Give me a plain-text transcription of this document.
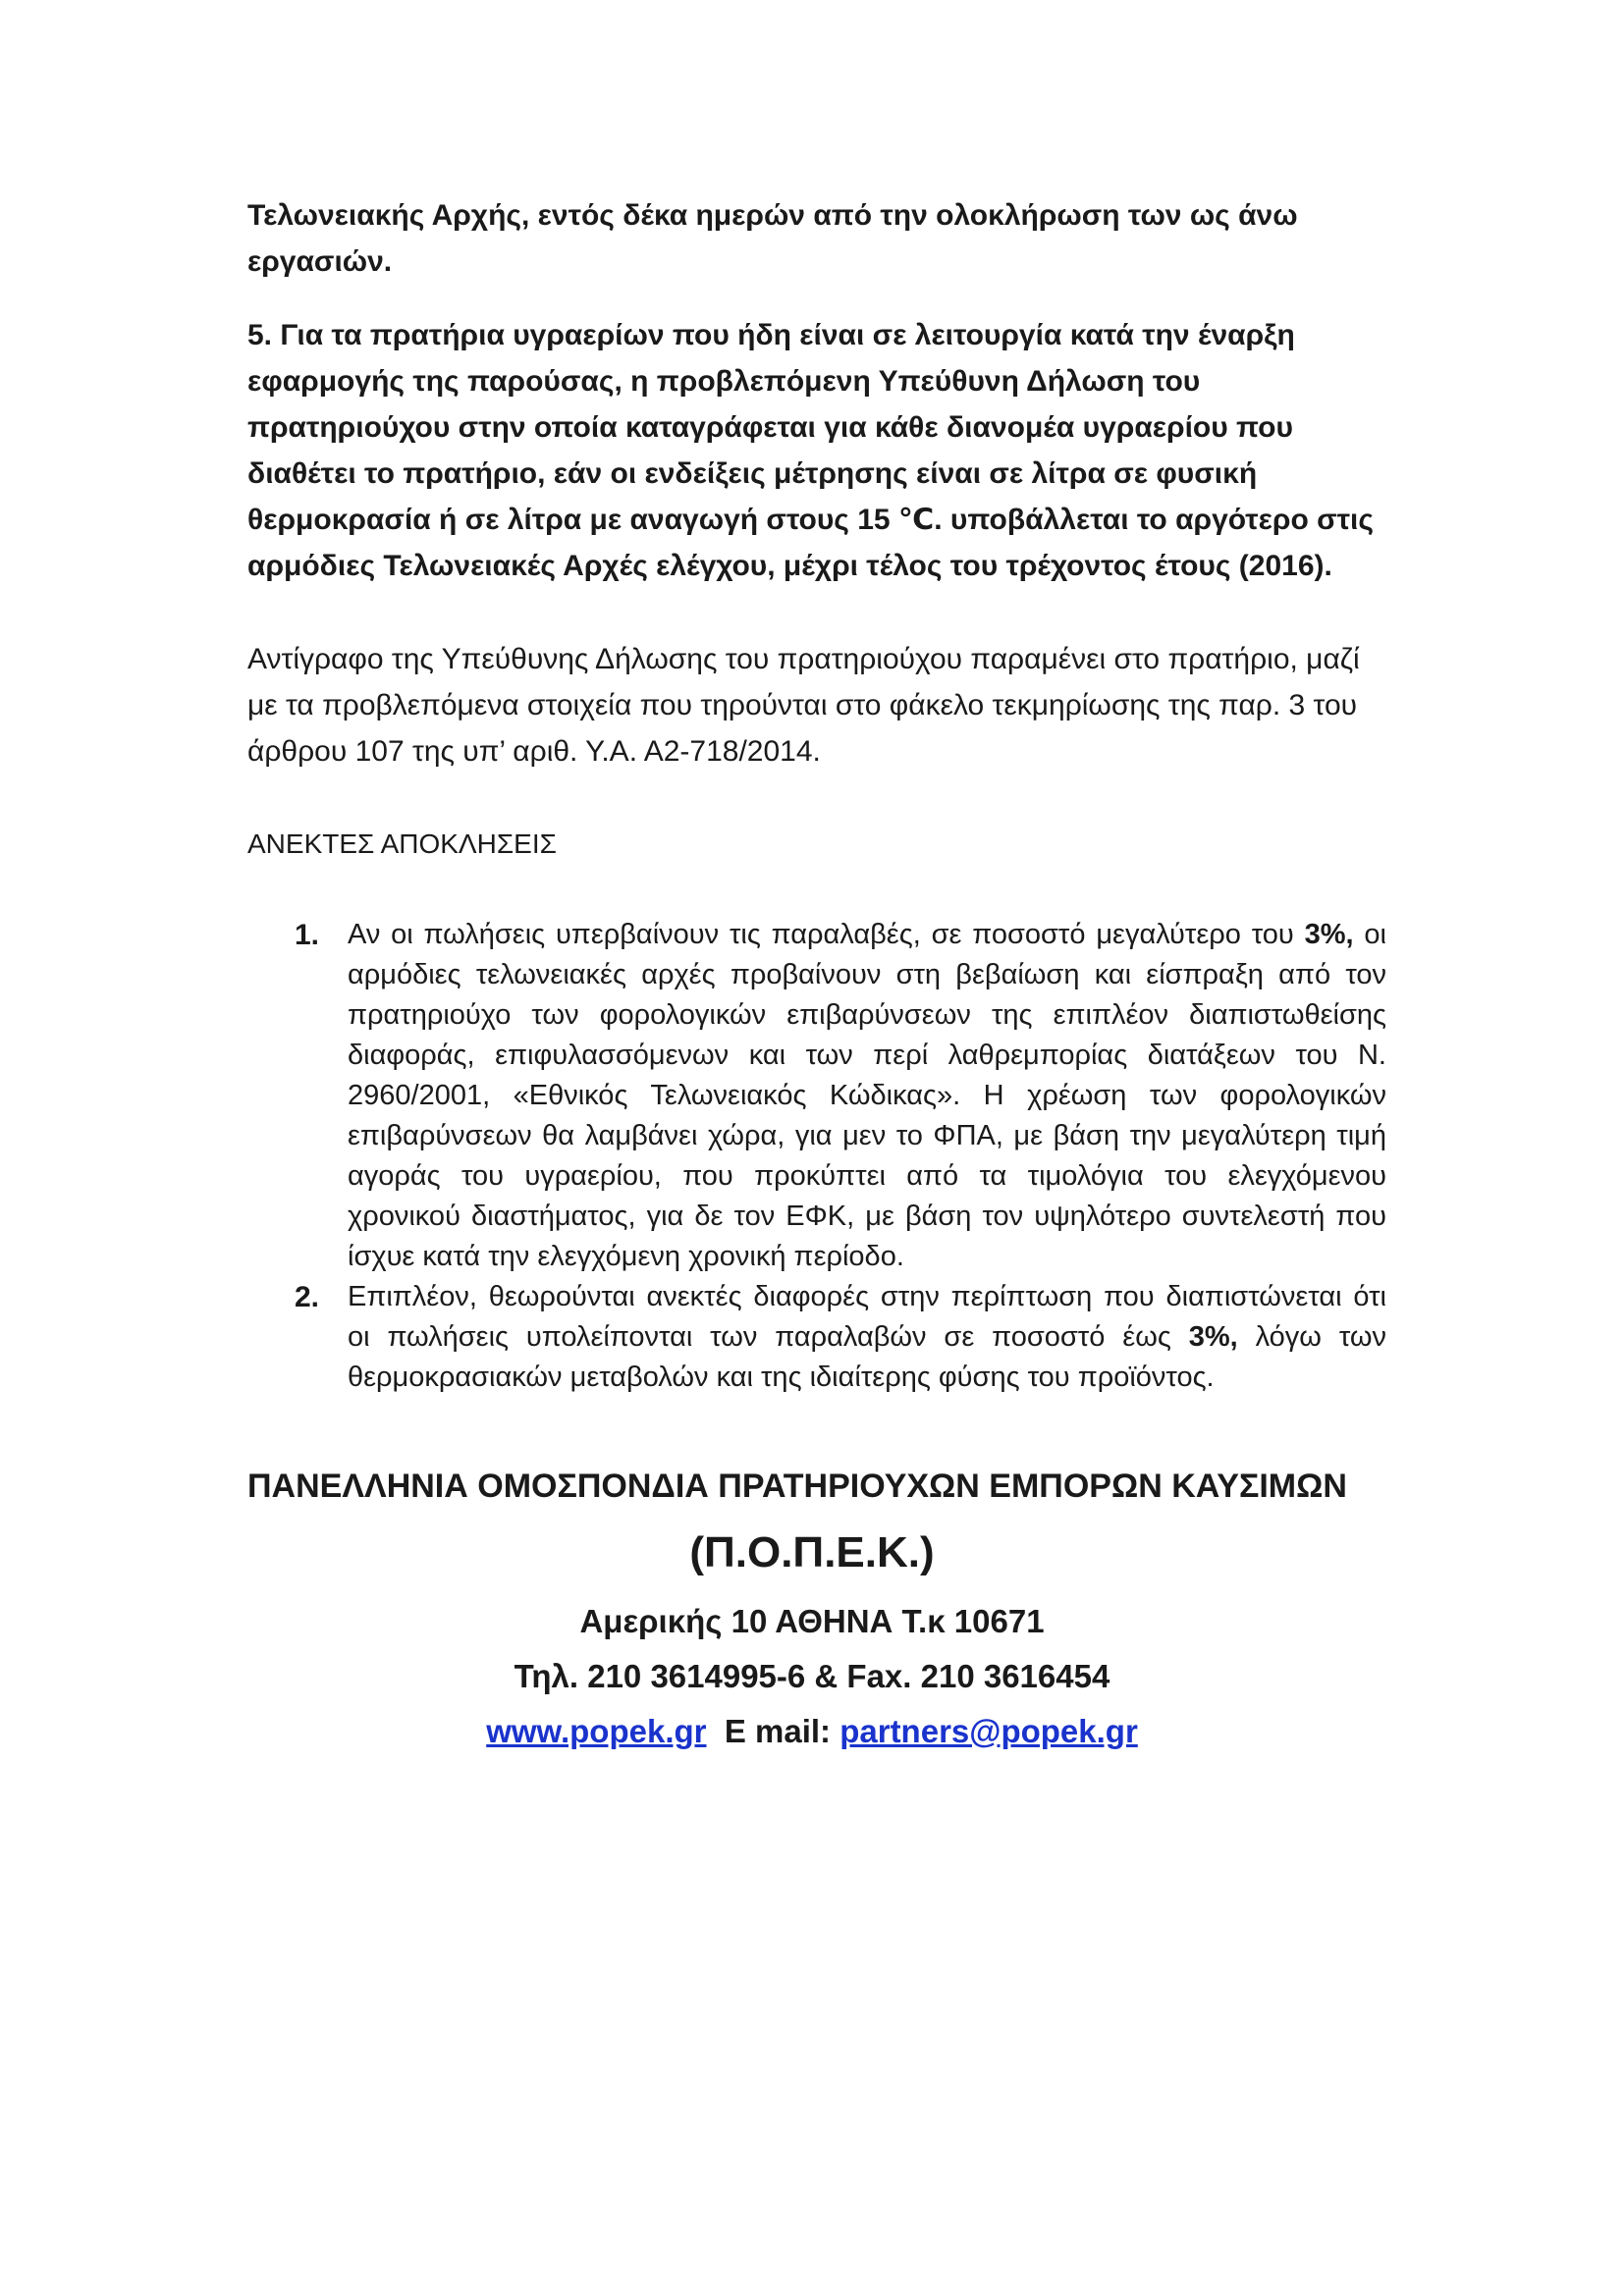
Τελωνειακής Αρχής, εντός δέκα ημερών από την ολοκλήρωση των ως άνω εργασιών.

5. Για τα πρατήρια υγραερίων που ήδη είναι σε λειτουργία κατά την έναρξη εφαρμογής της παρούσας, η προβλεπόμενη Υπεύθυνη Δήλωση του πρατηριούχου στην οποία καταγράφεται για κάθε διανομέα υγραερίου που διαθέτει το πρατήριο, εάν οι ενδείξεις μέτρησης είναι σε λίτρα σε φυσική θερμοκρασία ή σε λίτρα με αναγωγή στους 15 ℃. υποβάλλεται το αργότερο στις αρμόδιες Τελωνειακές Αρχές ελέγχου, μέχρι τέλος του τρέχοντος έτους (2016).

Αντίγραφο της Υπεύθυνης Δήλωσης του πρατηριούχου παραμένει στο πρατήριο, μαζί με τα προβλεπόμενα στοιχεία που τηρούνται στο φάκελο τεκμηρίωσης της παρ. 3 του άρθρου 107 της υπ’ αριθ. Υ.Α. Α2-718/2014.

ΑΝΕΚΤΕΣ ΑΠΟΚΛΗΣΕΙΣ

1. Αν οι πωλήσεις υπερβαίνουν τις παραλαβές, σε ποσοστό μεγαλύτερο του 3%, οι αρμόδιες τελωνειακές αρχές προβαίνουν στη βεβαίωση και είσπραξη από τον πρατηριούχο των φορολογικών επιβαρύνσεων της επιπλέον διαπιστωθείσης διαφοράς, επιφυλασσόμενων και των περί λαθρεμπορίας διατάξεων του Ν. 2960/2001, «Εθνικός Τελωνειακός Κώδικας». Η χρέωση των φορολογικών επιβαρύνσεων θα λαμβάνει χώρα, για μεν το ΦΠΑ, με βάση την μεγαλύτερη τιμή αγοράς του υγραερίου, που προκύπτει από τα τιμολόγια του ελεγχόμενου χρονικού διαστήματος, για δε τον ΕΦΚ, με βάση τον υψηλότερο συντελεστή που ίσχυε κατά την ελεγχόμενη χρονική περίοδο.
2. Επιπλέον, θεωρούνται ανεκτές διαφορές στην περίπτωση που διαπιστώνεται ότι οι πωλήσεις υπολείπονται των παραλαβών σε ποσοστό έως 3%, λόγω των θερμοκρασιακών μεταβολών και της ιδιαίτερης φύσης του προϊόντος.

ΠΑΝΕΛΛΗΝΙΑ ΟΜΟΣΠΟΝΔΙΑ ΠΡΑΤΗΡΙΟΥΧΩΝ ΕΜΠΟΡΩΝ ΚΑΥΣΙΜΩΝ

(Π.Ο.Π.Ε.Κ.)

Αμερικής 10 ΑΘΗΝΑ Τ.κ 10671

Τηλ. 210 3614995-6 & Fax. 210 3616454

www.popek.gr  E mail: partners@popek.gr
